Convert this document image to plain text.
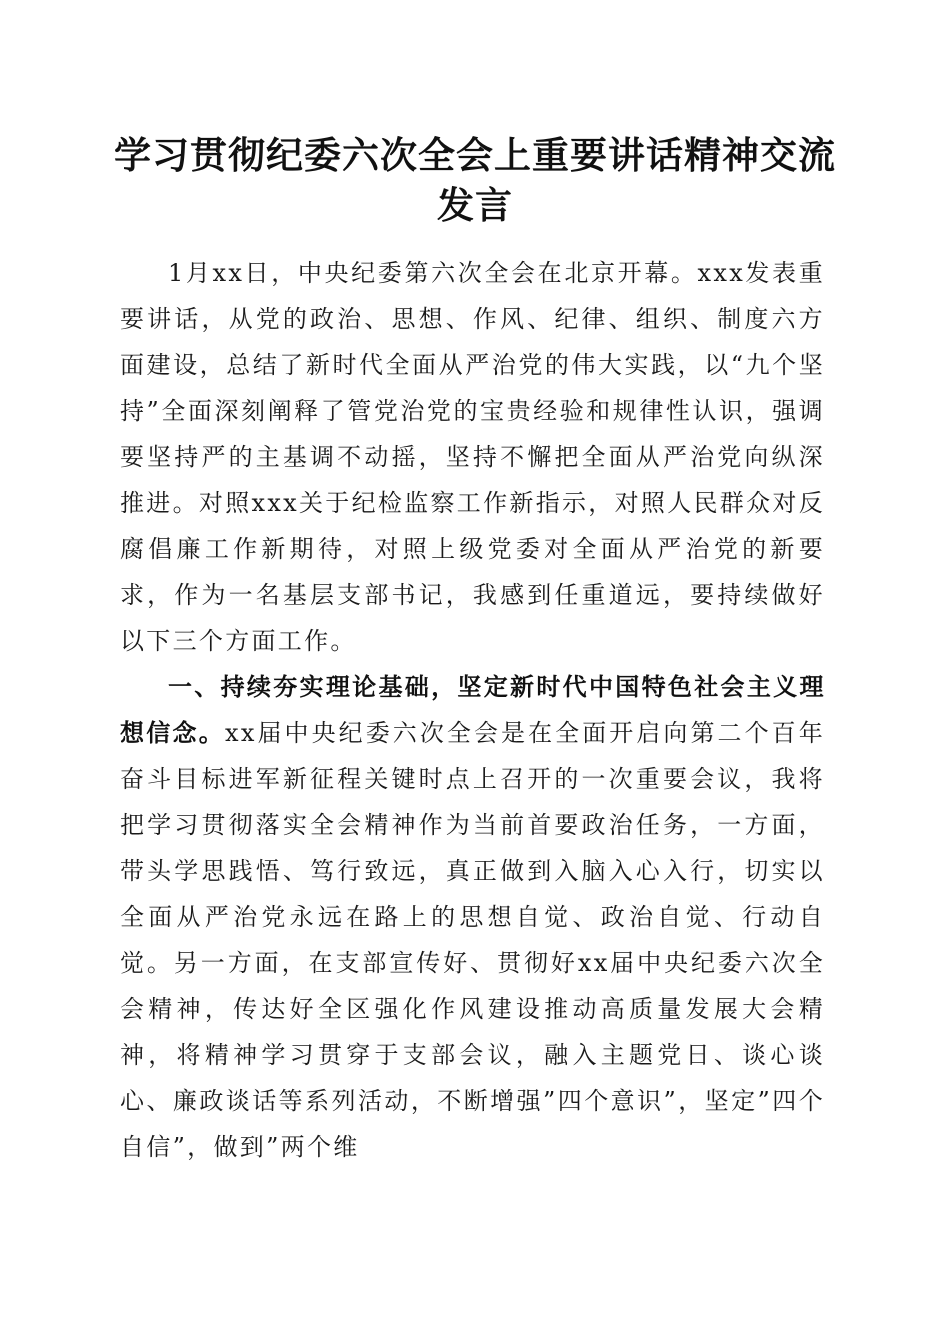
学习贯彻纪委六次全会上重要讲话精神交流发言

1月xx日，中央纪委第六次全会在北京开幕。xxx发表重要讲话，从党的政治、思想、作风、纪律、组织、制度六方面建设，总结了新时代全面从严治党的伟大实践，以“九个坚持”全面深刻阐释了管党治党的宝贵经验和规律性认识，强调要坚持严的主基调不动摇，坚持不懈把全面从严治党向纵深推进。对照xxx关于纪检监察工作新指示，对照人民群众对反腐倡廉工作新期待，对照上级党委对全面从严治党的新要求，作为一名基层支部书记，我感到任重道远，要持续做好以下三个方面工作。

一、持续夯实理论基础，坚定新时代中国特色社会主义理想信念。xx届中央纪委六次全会是在全面开启向第二个百年奋斗目标进军新征程关键时点上召开的一次重要会议，我将把学习贯彻落实全会精神作为当前首要政治任务，一方面，带头学思践悟、笃行致远，真正做到入脑入心入行，切实以全面从严治党永远在路上的思想自觉、政治自觉、行动自觉。另一方面，在支部宣传好、贯彻好xx届中央纪委六次全会精神，传达好全区强化作风建设推动高质量发展大会精神，将精神学习贯穿于支部会议，融入主题党日、谈心谈心、廉政谈话等系列活动，不断增强”四个意识”，坚定”四个自信”，做到”两个维
